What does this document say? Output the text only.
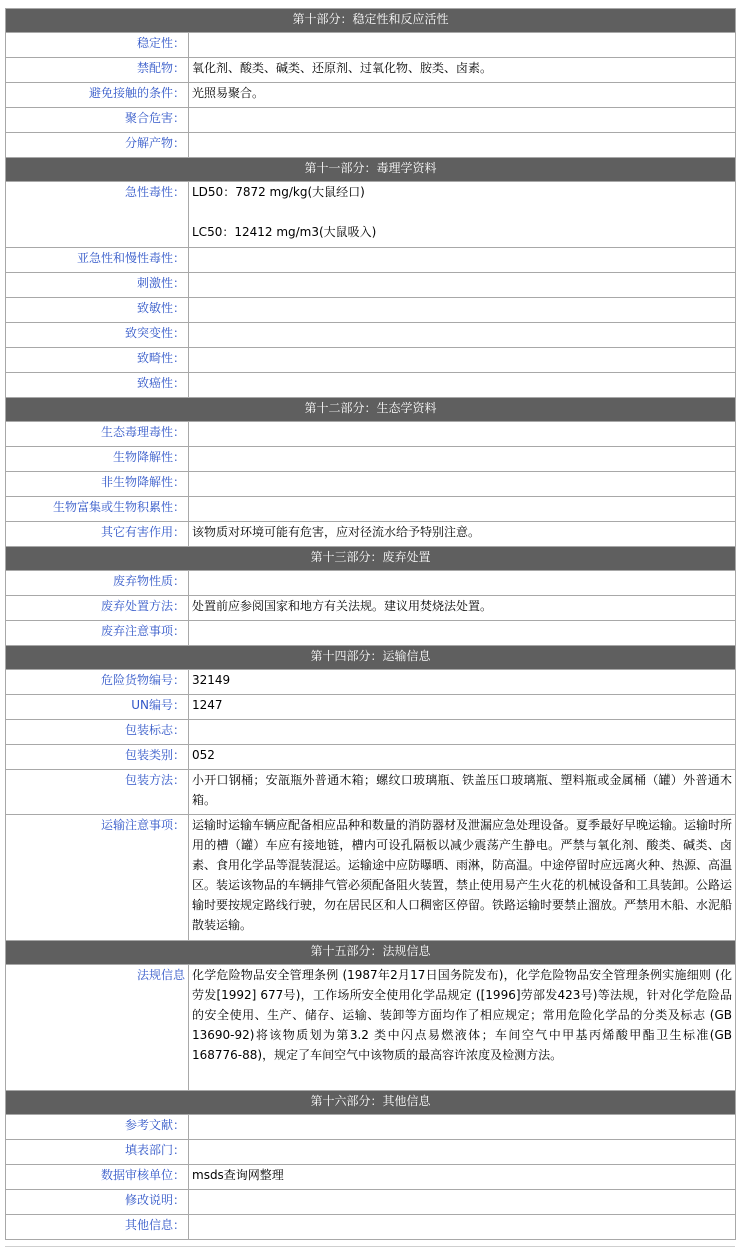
第十部分：稳定性和反应活性	
稳定性：	
禁配物：	氧化剂、酸类、碱类、还原剂、过氧化物、胺类、卤素。
避免接触的条件：	光照易聚合。
聚合危害：	
分解产物：	
第十一部分：毒理学资料	
急性毒性：	LD50：7872 mg/kg(大鼠经口)
LC50：12412 mg/m3(大鼠吸入)

亚急性和慢性毒性：	
刺激性：	
致敏性：	
致突变性：	
致畸性：	
致癌性：	
第十二部分：生态学资料	
生态毒理毒性：	
生物降解性：	
非生物降解性：	
生物富集或生物积累性：	
其它有害作用：	该物质对环境可能有危害，应对径流水给予特别注意。
第十三部分：废弃处置	
废弃物性质：	
废弃处置方法：	处置前应参阅国家和地方有关法规。建议用焚烧法处置。
废弃注意事项：	
第十四部分：运输信息	
危险货物编号：	32149
UN编号：	1247
包装标志：	
包装类别：	052
包装方法：	小开口钢桶；安瓿瓶外普通木箱；螺纹口玻璃瓶、铁盖压口玻璃瓶、塑料瓶或金属桶（罐）外普通木箱。
运输注意事项：	运输时运输车辆应配备相应品种和数量的消防器材及泄漏应急处理设备。夏季最好早晚运输。运输时所用的槽（罐）车应有接地链，槽内可设孔隔板以减少震荡产生静电。严禁与氧化剂、酸类、碱类、卤素、食用化学品等混装混运。运输途中应防曝晒、雨淋，防高温。中途停留时应远离火种、热源、高温区。装运该物品的车辆排气管必须配备阻火装置，禁止使用易产生火花的机械设备和工具装卸。公路运输时要按规定路线行驶，勿在居民区和人口稠密区停留。铁路运输时要禁止溜放。严禁用木船、水泥船散装运输。
第十五部分：法规信息	
法规信息	化学危险物品安全管理条例 (1987年2月17日国务院发布)，化学危险物品安全管理条例实施细则 (化劳发[1992] 677号)，工作场所安全使用化学品规定 ([1996]劳部发423号)等法规，针对化学危险品的安全使用、生产、储存、运输、装卸等方面均作了相应规定；常用危险化学品的分类及标志 (GB 13690-92)将该物质划为第3.2 类中闪点易燃液体；车间空气中甲基丙烯酸甲酯卫生标准(GB 168776-88)，规定了车间空气中该物质的最高容许浓度及检测方法。
第十六部分：其他信息	
参考文献：	
填表部门：	
数据审核单位：	msds查询网整理
修改说明：	
其他信息：	
